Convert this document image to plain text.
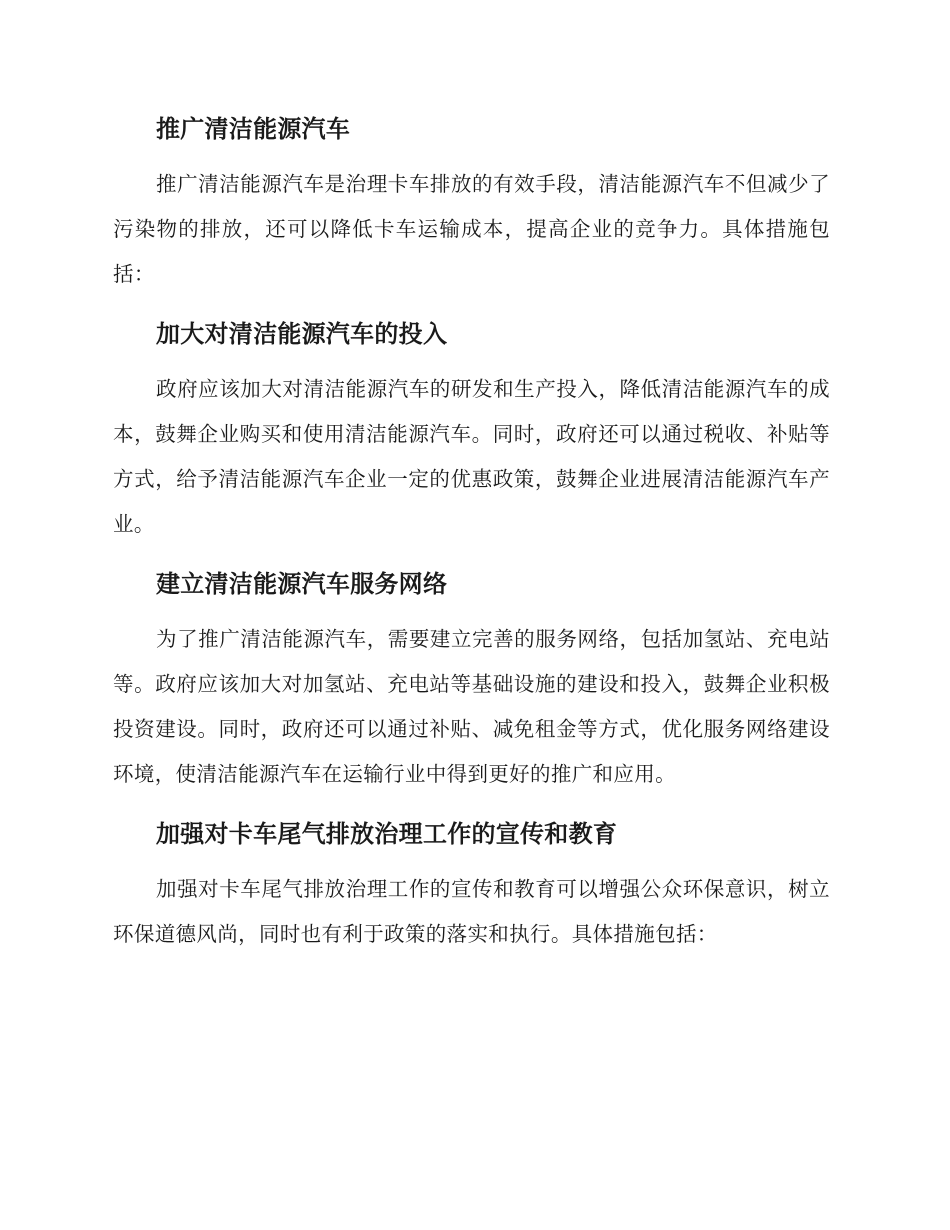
推广清洁能源汽车

推广清洁能源汽车是治理卡车排放的有效手段，清洁能源汽车不但减少了污染物的排放，还可以降低卡车运输成本，提高企业的竞争力。具体措施包括：

加大对清洁能源汽车的投入

政府应该加大对清洁能源汽车的研发和生产投入，降低清洁能源汽车的成本，鼓舞企业购买和使用清洁能源汽车。同时，政府还可以通过税收、补贴等方式，给予清洁能源汽车企业一定的优惠政策，鼓舞企业进展清洁能源汽车产业。

建立清洁能源汽车服务网络

为了推广清洁能源汽车，需要建立完善的服务网络，包括加氢站、充电站等。政府应该加大对加氢站、充电站等基础设施的建设和投入，鼓舞企业积极投资建设。同时，政府还可以通过补贴、减免租金等方式，优化服务网络建设环境，使清洁能源汽车在运输行业中得到更好的推广和应用。

加强对卡车尾气排放治理工作的宣传和教育

加强对卡车尾气排放治理工作的宣传和教育可以增强公众环保意识，树立环保道德风尚，同时也有利于政策的落实和执行。具体措施包括：
